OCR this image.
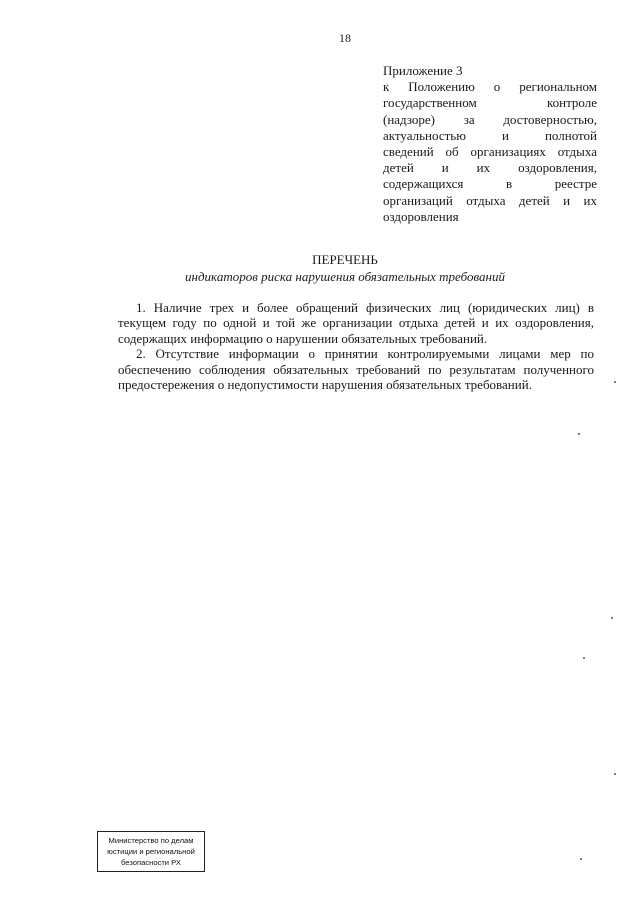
18
Приложение 3
к Положению о региональном
государственном контроле
(надзоре) за достоверностью,
актуальностью и полнотой
сведений об организациях отдыха
детей и их оздоровления,
содержащихся в реестре
организаций отдыха детей и их
оздоровления
ПЕРЕЧЕНЬ
индикаторов риска нарушения обязательных требований
1. Наличие трех и более обращений физических лиц (юридических лиц) в
текущем году по одной и той же организации отдыха детей и их оздоровления,
содержащих информацию о нарушении обязательных требований.
2. Отсутствие информации о принятии контролируемыми лицами мер по
обеспечению соблюдения обязательных требований по результатам полученного
предостережения о недопустимости нарушения обязательных требований.
Министерство по делам
юстиции и региональной
безопасности РХ
